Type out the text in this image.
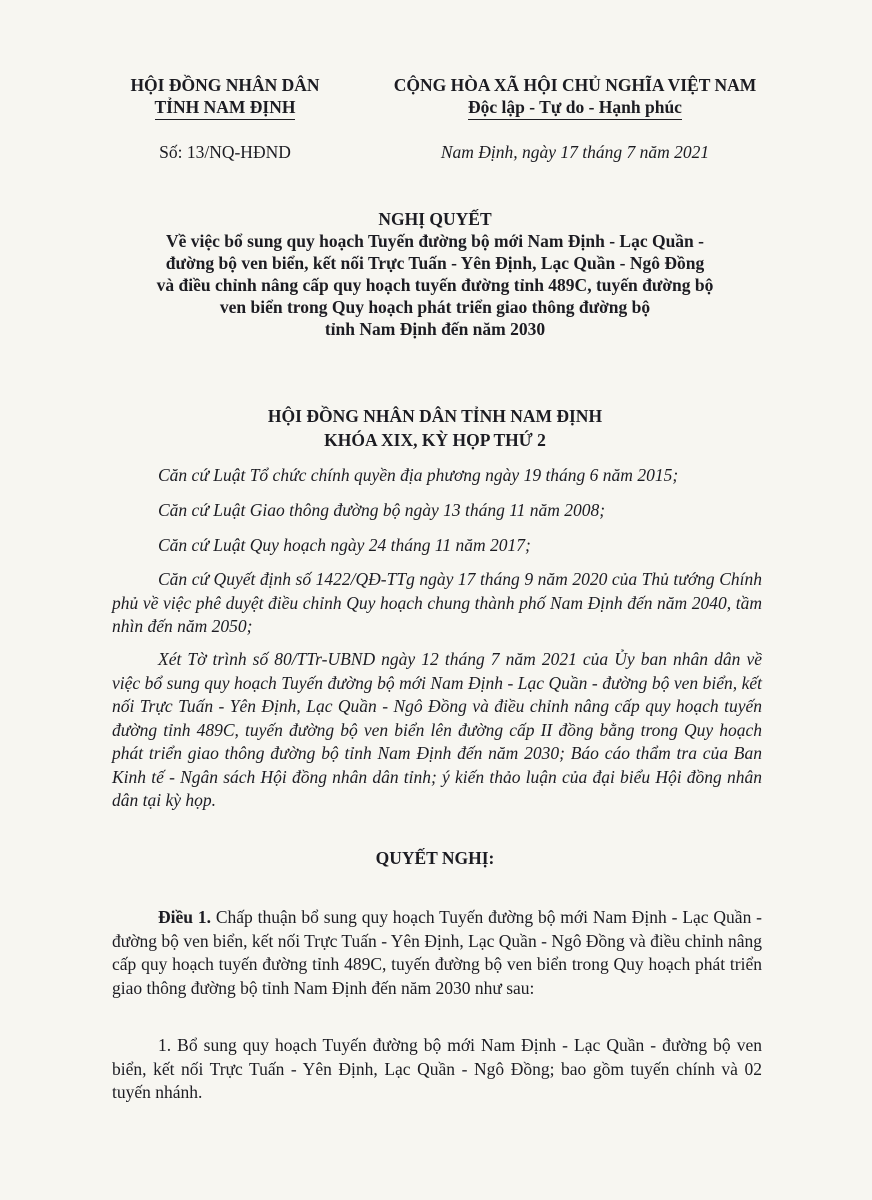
HỘI ĐỒNG NHÂN DÂN
TỈNH NAM ĐỊNH
CỘNG HÒA XÃ HỘI CHỦ NGHĨA VIỆT NAM
Độc lập - Tự do - Hạnh phúc
Số: 13/NQ-HĐND	Nam Định, ngày 17 tháng 7 năm 2021
NGHỊ QUYẾT
Về việc bổ sung quy hoạch Tuyến đường bộ mới Nam Định - Lạc Quần -
đường bộ ven biển, kết nối Trực Tuấn - Yên Định, Lạc Quần - Ngô Đồng
và điều chỉnh nâng cấp quy hoạch tuyến đường tỉnh 489C, tuyến đường bộ
ven biển trong Quy hoạch phát triển giao thông đường bộ
tỉnh Nam Định đến năm 2030
HỘI ĐỒNG NHÂN DÂN TỈNH NAM ĐỊNH
KHÓA XIX, KỲ HỌP THỨ 2

Căn cứ Luật Tổ chức chính quyền địa phương ngày 19 tháng 6 năm 2015;

Căn cứ Luật Giao thông đường bộ ngày 13 tháng 11 năm 2008;

Căn cứ Luật Quy hoạch ngày 24 tháng 11 năm 2017;

Căn cứ Quyết định số 1422/QĐ-TTg ngày 17 tháng 9 năm 2020 của Thủ tướng Chính phủ về việc phê duyệt điều chỉnh Quy hoạch chung thành phố Nam Định đến năm 2040, tầm nhìn đến năm 2050;

Xét Tờ trình số 80/TTr-UBND ngày 12 tháng 7 năm 2021 của Ủy ban nhân dân về việc bổ sung quy hoạch Tuyến đường bộ mới Nam Định - Lạc Quần - đường bộ ven biển, kết nối Trực Tuấn - Yên Định, Lạc Quần - Ngô Đồng và điều chỉnh nâng cấp quy hoạch tuyến đường tỉnh 489C, tuyến đường bộ ven biển lên đường cấp II đồng bằng trong Quy hoạch phát triển giao thông đường bộ tỉnh Nam Định đến năm 2030; Báo cáo thẩm tra của Ban Kinh tế - Ngân sách Hội đồng nhân dân tỉnh; ý kiến thảo luận của đại biểu Hội đồng nhân dân tại kỳ họp.

QUYẾT NGHỊ:

Điều 1. Chấp thuận bổ sung quy hoạch Tuyến đường bộ mới Nam Định - Lạc Quần - đường bộ ven biển, kết nối Trực Tuấn - Yên Định, Lạc Quần - Ngô Đồng và điều chỉnh nâng cấp quy hoạch tuyến đường tỉnh 489C, tuyến đường bộ ven biển trong Quy hoạch phát triển giao thông đường bộ tỉnh Nam Định đến năm 2030 như sau:

1. Bổ sung quy hoạch Tuyến đường bộ mới Nam Định - Lạc Quần - đường bộ ven biển, kết nối Trực Tuấn - Yên Định, Lạc Quần - Ngô Đồng; bao gồm tuyến chính và 02 tuyến nhánh.
